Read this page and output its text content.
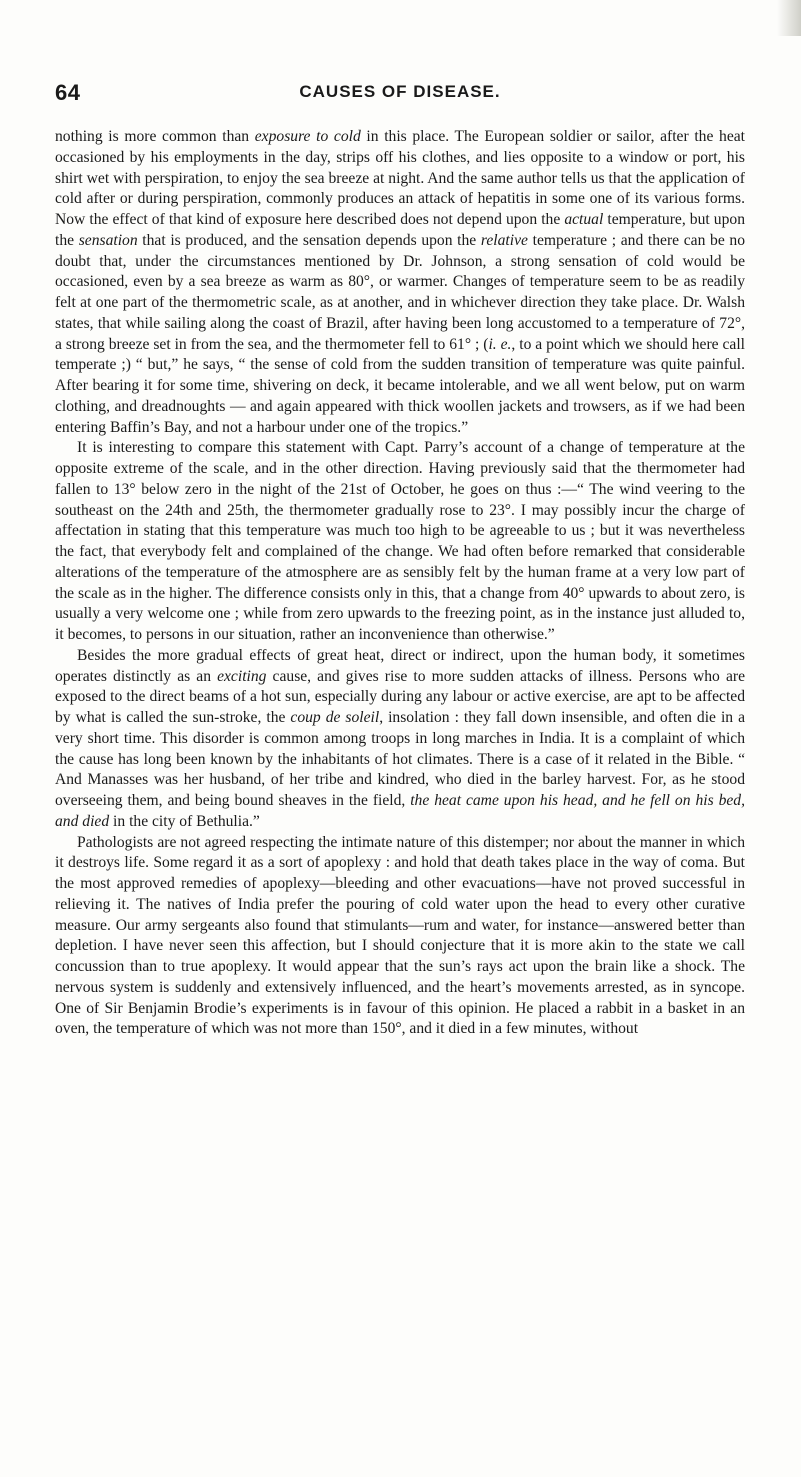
64	CAUSES OF DISEASE.

nothing is more common than exposure to cold in this place. The European soldier or sailor, after the heat occasioned by his employments in the day, strips off his clothes, and lies opposite to a window or port, his shirt wet with perspiration, to enjoy the sea breeze at night. And the same author tells us that the application of cold after or during perspiration, commonly produces an attack of hepatitis in some one of its various forms. Now the effect of that kind of exposure here described does not depend upon the actual temperature, but upon the sensation that is produced, and the sensation depends upon the relative temperature ; and there can be no doubt that, under the circumstances mentioned by Dr. Johnson, a strong sensation of cold would be occasioned, even by a sea breeze as warm as 80°, or warmer. Changes of temperature seem to be as readily felt at one part of the thermometric scale, as at another, and in whichever direction they take place. Dr. Walsh states, that while sailing along the coast of Brazil, after having been long accustomed to a temperature of 72°, a strong breeze set in from the sea, and the thermometer fell to 61° ; (i. e., to a point which we should here call temperate ;) “ but,” he says, “ the sense of cold from the sudden transition of temperature was quite painful. After bearing it for some time, shivering on deck, it became intolerable, and we all went below, put on warm clothing, and dreadnoughts — and again appeared with thick woollen jackets and trowsers, as if we had been entering Baffin’s Bay, and not a harbour under one of the tropics.”

It is interesting to compare this statement with Capt. Parry’s account of a change of temperature at the opposite extreme of the scale, and in the other direction. Having previously said that the thermometer had fallen to 13° below zero in the night of the 21st of October, he goes on thus :—“ The wind veering to the southeast on the 24th and 25th, the thermometer gradually rose to 23°. I may possibly incur the charge of affectation in stating that this temperature was much too high to be agreeable to us ; but it was nevertheless the fact, that everybody felt and complained of the change. We had often before remarked that considerable alterations of the temperature of the atmosphere are as sensibly felt by the human frame at a very low part of the scale as in the higher. The difference consists only in this, that a change from 40° upwards to about zero, is usually a very welcome one ; while from zero upwards to the freezing point, as in the instance just alluded to, it becomes, to persons in our situation, rather an inconvenience than otherwise.”

Besides the more gradual effects of great heat, direct or indirect, upon the human body, it sometimes operates distinctly as an exciting cause, and gives rise to more sudden attacks of illness. Persons who are exposed to the direct beams of a hot sun, especially during any labour or active exercise, are apt to be affected by what is called the sun-stroke, the coup de soleil, insolation : they fall down insensible, and often die in a very short time. This disorder is common among troops in long marches in India. It is a complaint of which the cause has long been known by the inhabitants of hot climates. There is a case of it related in the Bible. “ And Manasses was her husband, of her tribe and kindred, who died in the barley harvest. For, as he stood overseeing them, and being bound sheaves in the field, the heat came upon his head, and he fell on his bed, and died in the city of Bethulia.”

Pathologists are not agreed respecting the intimate nature of this distemper; nor about the manner in which it destroys life. Some regard it as a sort of apoplexy : and hold that death takes place in the way of coma. But the most approved remedies of apoplexy—bleeding and other evacuations—have not proved successful in relieving it. The natives of India prefer the pouring of cold water upon the head to every other curative measure. Our army sergeants also found that stimulants—rum and water, for instance—answered better than depletion. I have never seen this affection, but I should conjecture that it is more akin to the state we call concussion than to true apoplexy. It would appear that the sun’s rays act upon the brain like a shock. The nervous system is suddenly and extensively influenced, and the heart’s movements arrested, as in syncope. One of Sir Benjamin Brodie’s experiments is in favour of this opinion. He placed a rabbit in a basket in an oven, the temperature of which was not more than 150°, and it died in a few minutes, without
